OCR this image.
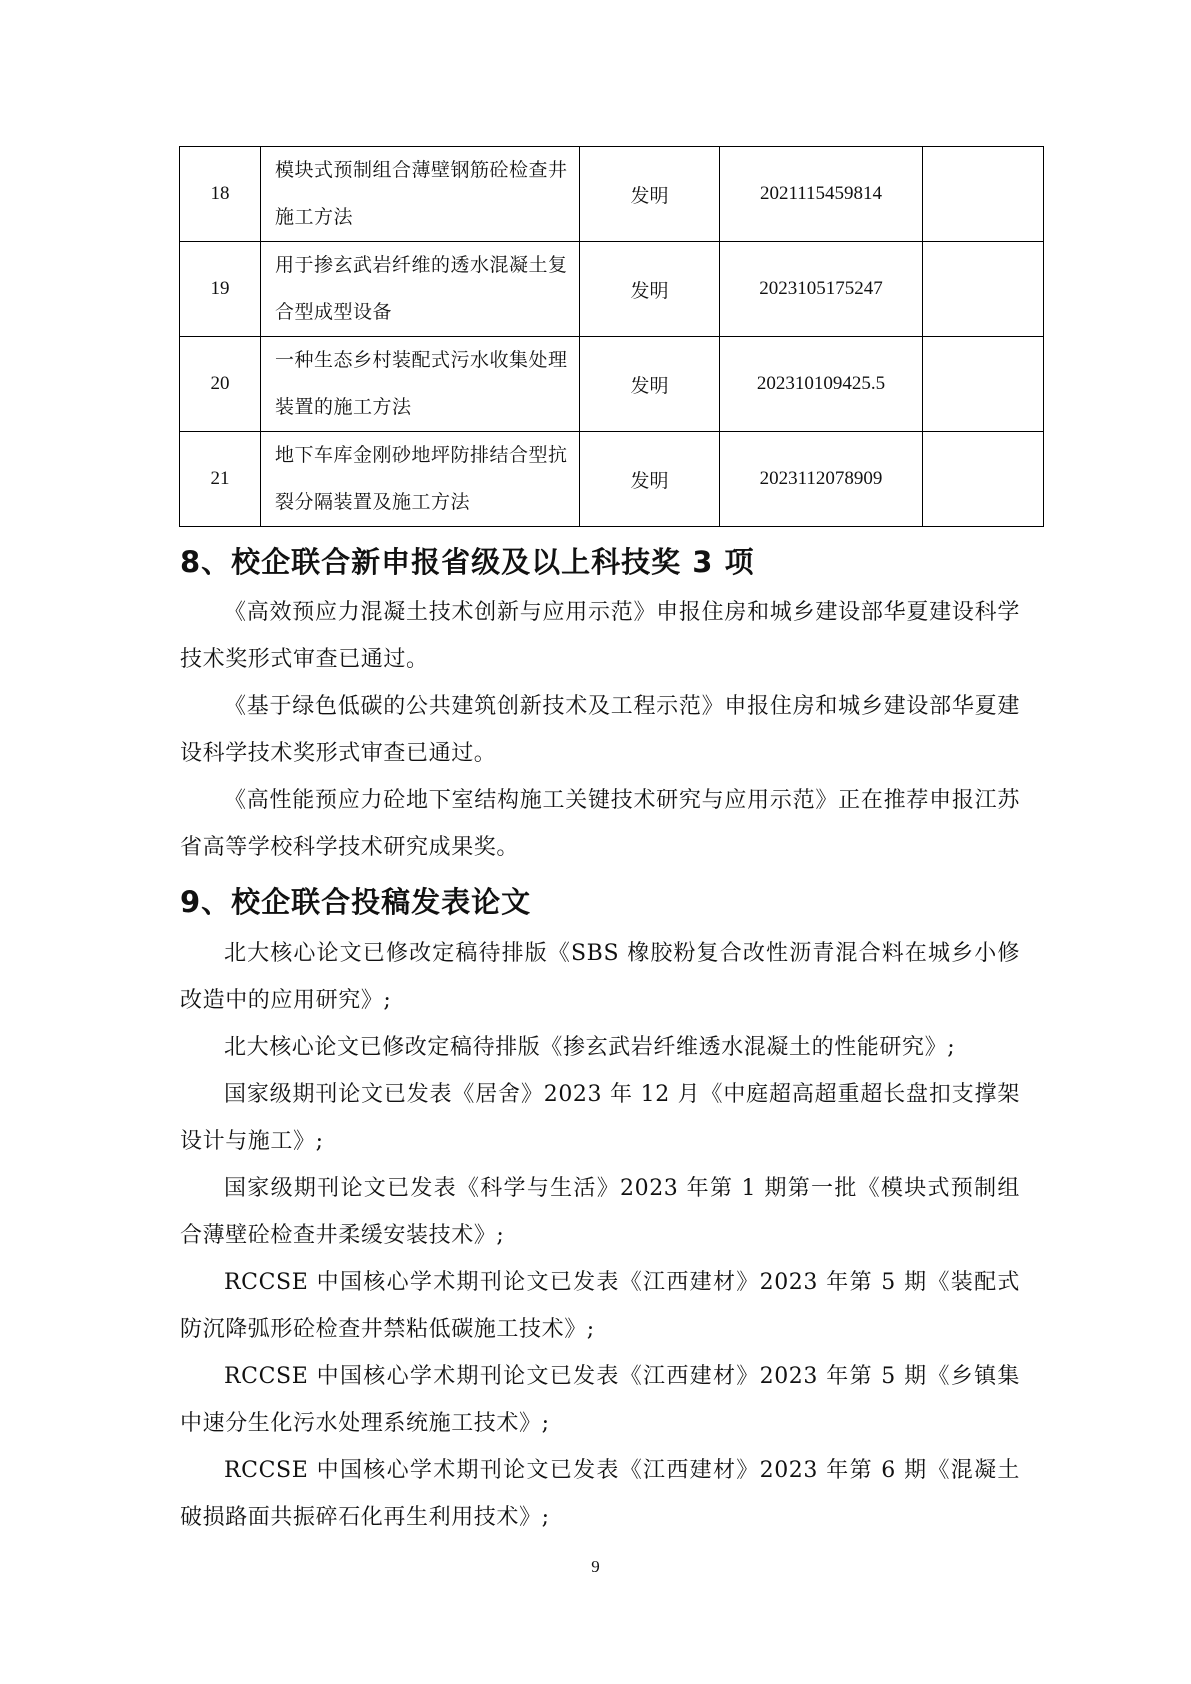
18	模块式预制组合薄壁钢筋砼检查井施工方法	发明	2021115459814	
19	用于掺玄武岩纤维的透水混凝土复合型成型设备	发明	2023105175247	
20	一种生态乡村装配式污水收集处理装置的施工方法	发明	202310109425.5	
21	地下车库金刚砂地坪防排结合型抗裂分隔装置及施工方法	发明	2023112078909	
8、校企联合新申报省级及以上科技奖 3 项

《高效预应力混凝土技术创新与应用示范》申报住房和城乡建设部华夏建设科学技术奖形式审查已通过。

《基于绿色低碳的公共建筑创新技术及工程示范》申报住房和城乡建设部华夏建设科学技术奖形式审查已通过。

《高性能预应力砼地下室结构施工关键技术研究与应用示范》正在推荐申报江苏省高等学校科学技术研究成果奖。

9、校企联合投稿发表论文

北大核心论文已修改定稿待排版《SBS 橡胶粉复合改性沥青混合料在城乡小修改造中的应用研究》;

北大核心论文已修改定稿待排版《掺玄武岩纤维透水混凝土的性能研究》;

国家级期刊论文已发表《居舍》2023 年 12 月《中庭超高超重超长盘扣支撑架设计与施工》;

国家级期刊论文已发表《科学与生活》2023 年第 1 期第一批《模块式预制组合薄壁砼检查井柔缓安装技术》;

RCCSE 中国核心学术期刊论文已发表《江西建材》2023 年第 5 期《装配式防沉降弧形砼检查井禁粘低碳施工技术》;

RCCSE 中国核心学术期刊论文已发表《江西建材》2023 年第 5 期《乡镇集中速分生化污水处理系统施工技术》;

RCCSE 中国核心学术期刊论文已发表《江西建材》2023 年第 6 期《混凝土破损路面共振碎石化再生利用技术》;

9
